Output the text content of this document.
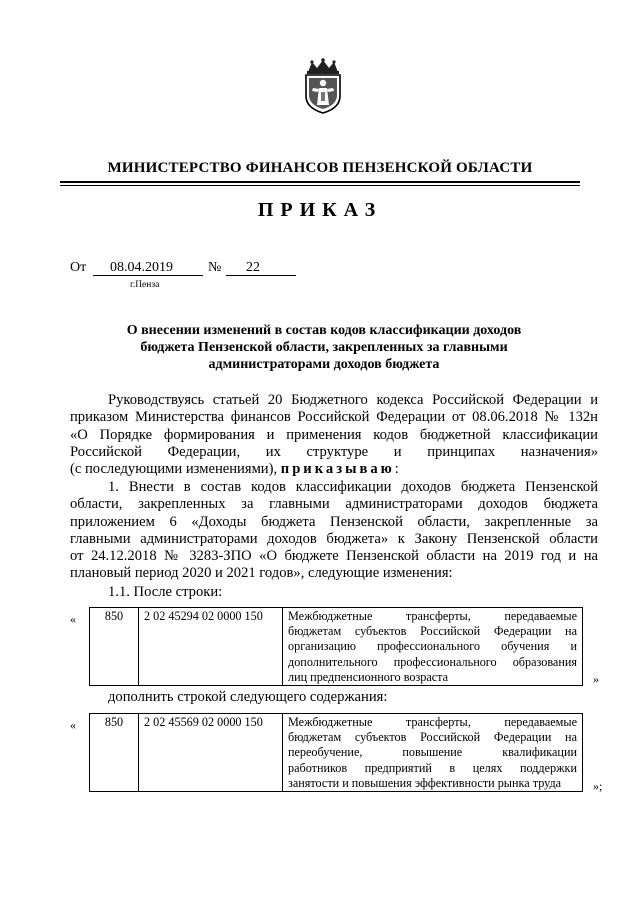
МИНИСТЕРСТВО ФИНАНСОВ ПЕНЗЕНСКОЙ ОБЛАСТИ
ПРИКАЗ
От 08.04.2019	№ 22
г.Пенза
О внесении изменений в состав кодов классификации доходов
бюджета Пензенской области, закрепленных за главными
администраторами доходов бюджета
Руководствуясь статьей 20 Бюджетного кодекса Российской Федерации и
приказом Министерства финансов Российской Федерации от 08.06.2018 № 132н
«О Порядке формирования и применения кодов бюджетной классификации
Российской Федерации, их структуре и принципах назначения»
(с последующими изменениями), приказываю:
1. Внести в состав кодов классификации доходов бюджета Пензенской
области, закрепленных за главными администраторами доходов бюджета
приложением 6 «Доходы бюджета Пензенской области, закрепленные за
главными администраторами доходов бюджета» к Закону Пензенской области
от 24.12.2018 № 3283-ЗПО «О бюджете Пензенской области на 2019 год и на
плановый период 2020 и 2021 годов», следующие изменения:
1.1. После строки:
« 850	2 02 45294 02 0000 150	Межбюджетные трансферты, передаваемые
бюджетам субъектов Российской Федерации на
организацию профессионального обучения и
дополнительного профессионального образования
лиц предпенсионного возраста	»
дополнить строкой следующего содержания:
« 850	2 02 45569 02 0000 150	Межбюджетные трансферты, передаваемые
бюджетам субъектов Российской Федерации на
переобучение, повышение квалификации
работников предприятий в целях поддержки
занятости и повышения эффективности рынка труда	»;
